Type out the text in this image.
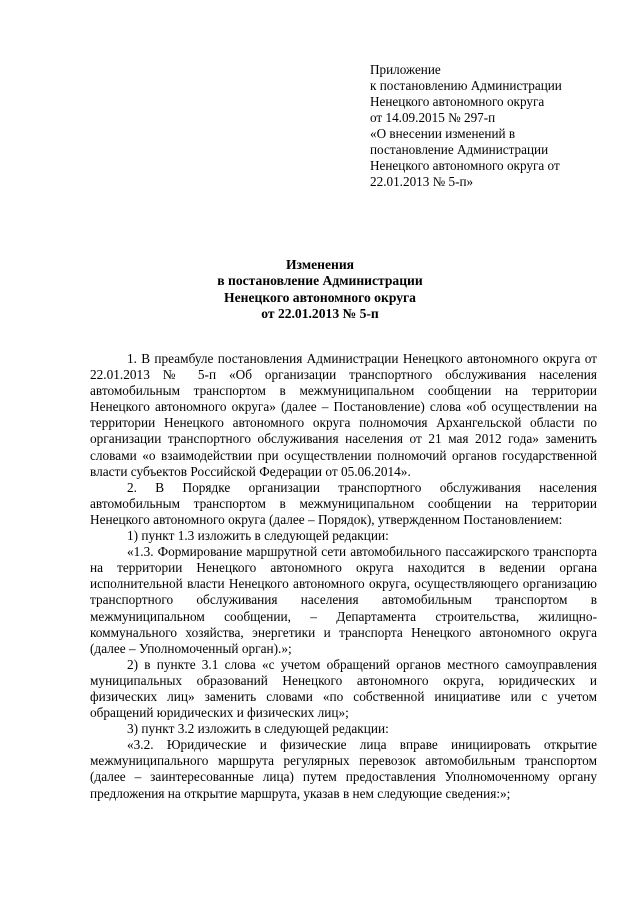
Приложение
к постановлению Администрации
Ненецкого автономного округа
от 14.09.2015 № 297-п
«О внесении изменений в
постановление Администрации
Ненецкого автономного округа от
22.01.2013 № 5-п»
Изменения
в постановление Администрации
Ненецкого автономного округа
от 22.01.2013 № 5-п

1. В преамбуле постановления Администрации Ненецкого автономного округа от 22.01.2013 № 5-п «Об организации транспортного обслуживания населения автомобильным транспортом в межмуниципальном сообщении на территории Ненецкого автономного округа» (далее – Постановление) слова «об осуществлении на территории Ненецкого автономного округа полномочия Архангельской области по организации транспортного обслуживания населения от 21 мая 2012 года» заменить словами «о взаимодействии при осуществлении полномочий органов государственной власти субъектов Российской Федерации от 05.06.2014».

2. В Порядке организации транспортного обслуживания населения автомобильным транспортом в межмуниципальном сообщении на территории Ненецкого автономного округа (далее – Порядок), утвержденном Постановлением:

1) пункт 1.3 изложить в следующей редакции:

«1.3. Формирование маршрутной сети автомобильного пассажирского транспорта на территории Ненецкого автономного округа находится в ведении органа исполнительной власти Ненецкого автономного округа, осуществляющего организацию транспортного обслуживания населения автомобильным транспортом в межмуниципальном сообщении, – Департамента строительства, жилищно-коммунального хозяйства, энергетики и транспорта Ненецкого автономного округа (далее – Уполномоченный орган).»;

2) в пункте 3.1 слова «с учетом обращений органов местного самоуправления муниципальных образований Ненецкого автономного округа, юридических и физических лиц» заменить словами «по собственной инициативе или с учетом обращений юридических и физических лиц»;

3) пункт 3.2 изложить в следующей редакции:

«3.2. Юридические и физические лица вправе инициировать открытие межмуниципального маршрута регулярных перевозок автомобильным транспортом (далее – заинтересованные лица) путем предоставления Уполномоченному органу предложения на открытие маршрута, указав в нем следующие сведения:»;
